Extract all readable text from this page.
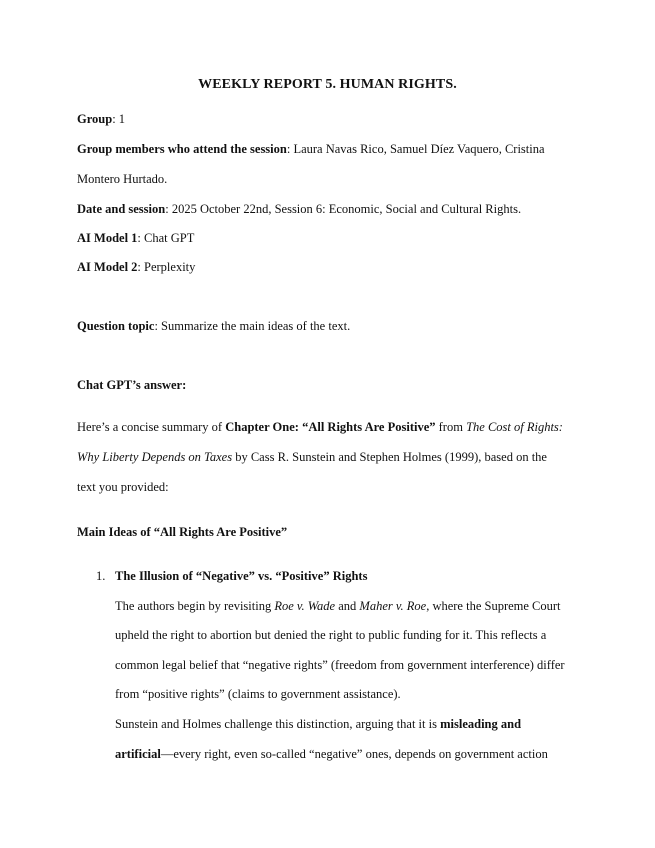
WEEKLY REPORT 5. HUMAN RIGHTS.
Group: 1
Group members who attend the session: Laura Navas Rico, Samuel Díez Vaquero, Cristina
Montero Hurtado.
Date and session: 2025 October 22nd, Session 6: Economic, Social and Cultural Rights.
AI Model 1: Chat GPT
AI Model 2: Perplexity
Question topic: Summarize the main ideas of the text.
Chat GPT’s answer:
Here’s a concise summary of Chapter One: “All Rights Are Positive” from The Cost of Rights:
Why Liberty Depends on Taxes by Cass R. Sunstein and Stephen Holmes (1999), based on the
text you provided:
Main Ideas of “All Rights Are Positive”
1. The Illusion of “Negative” vs. “Positive” Rights
The authors begin by revisiting Roe v. Wade and Maher v. Roe, where the Supreme Court
upheld the right to abortion but denied the right to public funding for it. This reflects a
common legal belief that “negative rights” (freedom from government interference) differ
from “positive rights” (claims to government assistance).
Sunstein and Holmes challenge this distinction, arguing that it is misleading and
artificial—every right, even so-called “negative” ones, depends on government action
